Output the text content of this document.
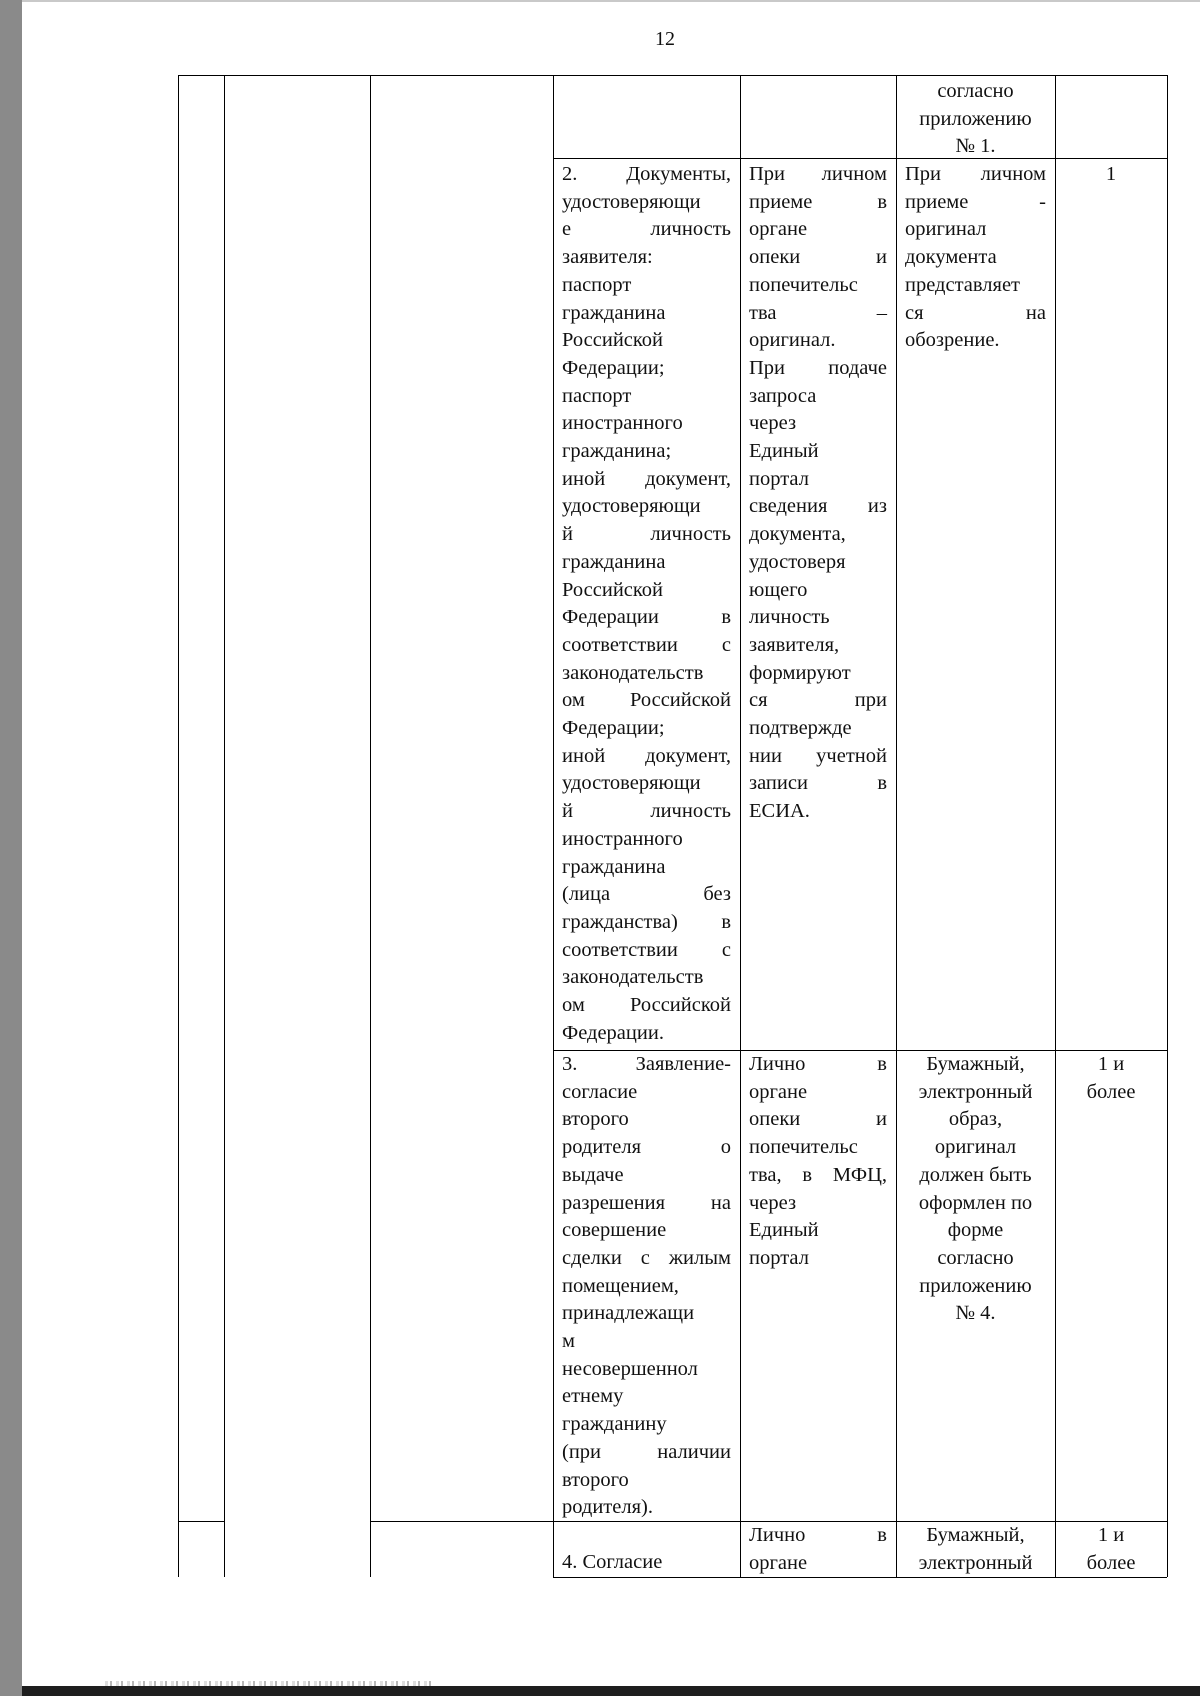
12
согласно
приложению
№ 1.
2. Документы,
удостоверяющи
е личность
заявителя:
паспорт
гражданина
Российской
Федерации;
паспорт
иностранного
гражданина;
иной документ,
удостоверяющи
й личность
гражданина
Российской
Федерации в
соответствии с
законодательств
ом Российской
Федерации;
иной документ,
удостоверяющи
й личность
иностранного
гражданина
(лица без
гражданства) в
соответствии с
законодательств
ом Российской
Федерации.
При личном
приеме в
органе
опеки и
попечительс
тва –
оригинал.
При подаче
запроса
через
Единый
портал
сведения из
документа,
удостоверя
ющего
личность
заявителя,
формируют
ся при
подтвержде
нии учетной
записи в
ЕСИА.
При личном
приеме -
оригинал
документа
представляет
ся на
обозрение.
1
3. Заявление-
согласие
второго
родителя о
выдаче
разрешения на
совершение
сделки с жилым
помещением,
принадлежащи
м
несовершеннол
етнему
гражданину
(при наличии
второго
родителя).
Лично в
органе
опеки и
попечительс
тва, в МФЦ,
через
Единый
портал
Бумажный,
электронный
образ,
оригинал
должен быть
оформлен по
форме
согласно
приложению
№ 4.
1 и
более
4. Согласие
Лично в
органе
Бумажный,
электронный
1 и
более
